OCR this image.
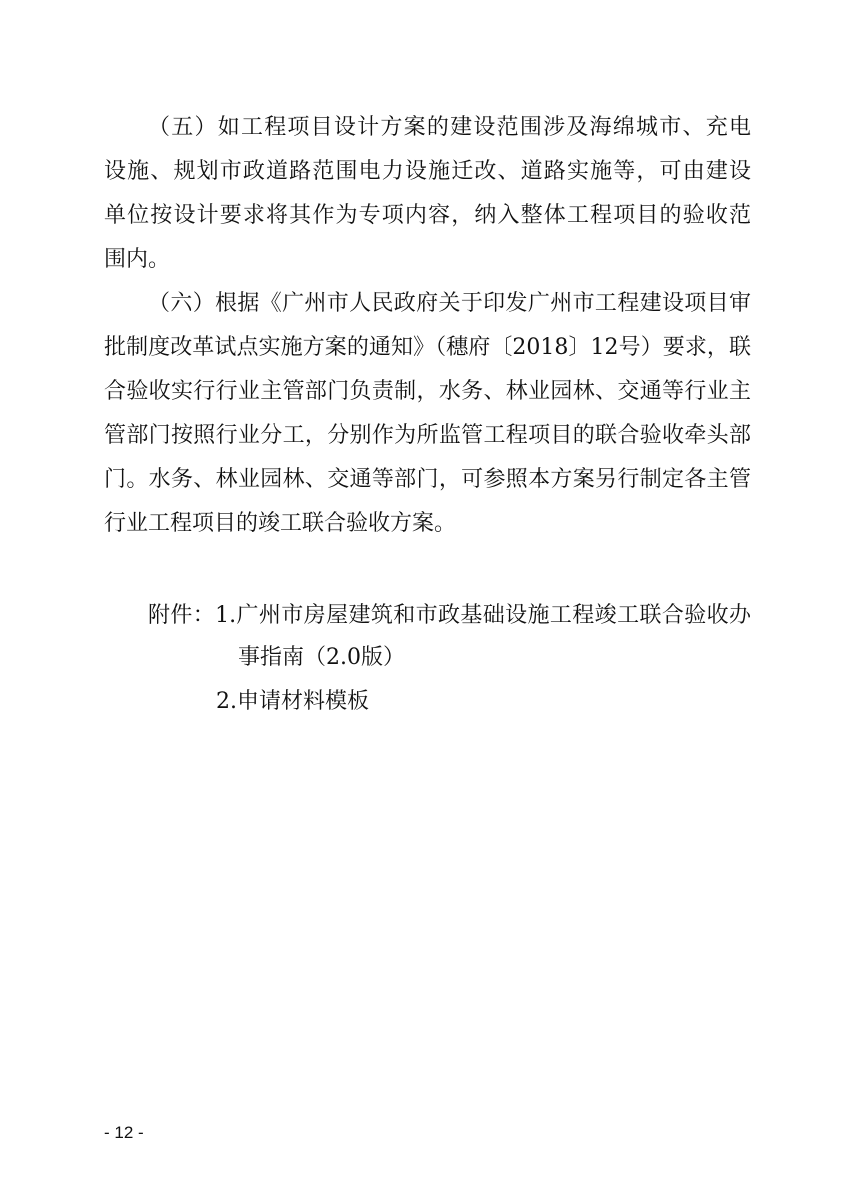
（五）如工程项目设计方案的建设范围涉及海绵城市、充电
设施、规划市政道路范围电力设施迁改、道路实施等，可由建设
单位按设计要求将其作为专项内容，纳入整体工程项目的验收范
围内。
（六）根据《广州市人民政府关于印发广州市工程建设项目审
批制度改革试点实施方案的通知》（穗府〔2018〕12号）要求，联
合验收实行行业主管部门负责制，水务、林业园林、交通等行业主
管部门按照行业分工，分别作为所监管工程项目的联合验收牵头部
门。水务、林业园林、交通等部门，可参照本方案另行制定各主管
行业工程项目的竣工联合验收方案。
附件：1.广州市房屋建筑和市政基础设施工程竣工联合验收办
事指南（2.0版）
2.申请材料模板
- 12 -
